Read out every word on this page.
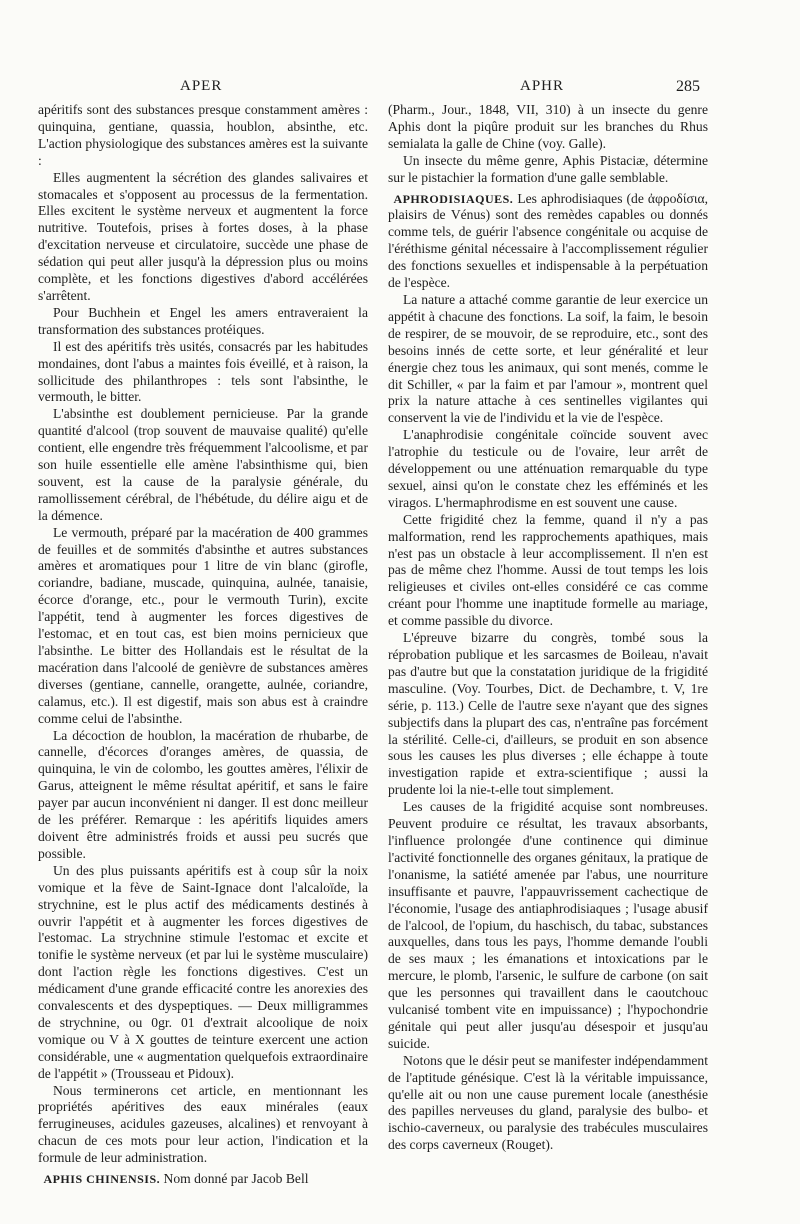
APER	APHR	285

apéritifs sont des substances presque constamment amères : quinquina, gentiane, quassia, houblon, absinthe, etc. L'action physiologique des substances amères est la suivante :

Elles augmentent la sécrétion des glandes salivaires et stomacales et s'opposent au processus de la fermentation. Elles excitent le système nerveux et augmentent la force nutritive. Toutefois, prises à fortes doses, à la phase d'excitation nerveuse et circulatoire, succède une phase de sédation qui peut aller jusqu'à la dépression plus ou moins complète, et les fonctions digestives d'abord accélérées s'arrêtent.

Pour Buchhein et Engel les amers entraveraient la transformation des substances protéiques.

Il est des apéritifs très usités, consacrés par les habitudes mondaines, dont l'abus a maintes fois éveillé, et à raison, la sollicitude des philanthropes : tels sont l'absinthe, le vermouth, le bitter.

L'absinthe est doublement pernicieuse. Par la grande quantité d'alcool (trop souvent de mauvaise qualité) qu'elle contient, elle engendre très fréquemment l'alcoolisme, et par son huile essentielle elle amène l'absinthisme qui, bien souvent, est la cause de la paralysie générale, du ramollissement cérébral, de l'hébétude, du délire aigu et de la démence.

Le vermouth, préparé par la macération de 400 grammes de feuilles et de sommités d'absinthe et autres substances amères et aromatiques pour 1 litre de vin blanc (girofle, coriandre, badiane, muscade, quinquina, aulnée, tanaisie, écorce d'orange, etc., pour le vermouth Turin), excite l'appétit, tend à augmenter les forces digestives de l'estomac, et en tout cas, est bien moins pernicieux que l'absinthe. Le bitter des Hollandais est le résultat de la macération dans l'alcoolé de genièvre de substances amères diverses (gentiane, cannelle, orangette, aulnée, coriandre, calamus, etc.). Il est digestif, mais son abus est à craindre comme celui de l'absinthe.

La décoction de houblon, la macération de rhubarbe, de cannelle, d'écorces d'oranges amères, de quassia, de quinquina, le vin de colombo, les gouttes amères, l'élixir de Garus, atteignent le même résultat apéritif, et sans le faire payer par aucun inconvénient ni danger. Il est donc meilleur de les préférer. Remarque : les apéritifs liquides amers doivent être administrés froids et aussi peu sucrés que possible.

Un des plus puissants apéritifs est à coup sûr la noix vomique et la fève de Saint-Ignace dont l'alcaloïde, la strychnine, est le plus actif des médicaments destinés à ouvrir l'appétit et à augmenter les forces digestives de l'estomac. La strychnine stimule l'estomac et excite et tonifie le système nerveux (et par lui le système musculaire) dont l'action règle les fonctions digestives. C'est un médicament d'une grande efficacité contre les anorexies des convalescents et des dyspeptiques. — Deux milligrammes de strychnine, ou 0gr. 01 d'extrait alcoolique de noix vomique ou V à X gouttes de teinture exercent une action considérable, une « augmentation quelquefois extraordinaire de l'appétit » (Trousseau et Pidoux).

Nous terminerons cet article, en mentionnant les propriétés apéritives des eaux minérales (eaux ferrugineuses, acidules gazeuses, alcalines) et renvoyant à chacun de ces mots pour leur action, l'indication et la formule de leur administration.

APHIS CHINENSIS. Nom donné par Jacob Bell

(Pharm., Jour., 1848, VII, 310) à un insecte du genre Aphis dont la piqûre produit sur les branches du Rhus semialata la galle de Chine (voy. Galle).

Un insecte du même genre, Aphis Pistaciæ, détermine sur le pistachier la formation d'une galle semblable.

APHRODISIAQUES. Les aphrodisiaques (de ἀφροδίσια, plaisirs de Vénus) sont des remèdes capables ou donnés comme tels, de guérir l'absence congénitale ou acquise de l'éréthisme génital nécessaire à l'accomplissement régulier des fonctions sexuelles et indispensable à la perpétuation de l'espèce.

La nature a attaché comme garantie de leur exercice un appétit à chacune des fonctions. La soif, la faim, le besoin de respirer, de se mouvoir, de se reproduire, etc., sont des besoins innés de cette sorte, et leur généralité et leur énergie chez tous les animaux, qui sont menés, comme le dit Schiller, « par la faim et par l'amour », montrent quel prix la nature attache à ces sentinelles vigilantes qui conservent la vie de l'individu et la vie de l'espèce.

L'anaphrodisie congénitale coïncide souvent avec l'atrophie du testicule ou de l'ovaire, leur arrêt de développement ou une atténuation remarquable du type sexuel, ainsi qu'on le constate chez les efféminés et les viragos. L'hermaphrodisme en est souvent une cause.

Cette frigidité chez la femme, quand il n'y a pas malformation, rend les rapprochements apathiques, mais n'est pas un obstacle à leur accomplissement. Il n'en est pas de même chez l'homme. Aussi de tout temps les lois religieuses et civiles ont-elles considéré ce cas comme créant pour l'homme une inaptitude formelle au mariage, et comme passible du divorce.

L'épreuve bizarre du congrès, tombé sous la réprobation publique et les sarcasmes de Boileau, n'avait pas d'autre but que la constatation juridique de la frigidité masculine. (Voy. Tourbes, Dict. de Dechambre, t. V, 1re série, p. 113.) Celle de l'autre sexe n'ayant que des signes subjectifs dans la plupart des cas, n'entraîne pas forcément la stérilité. Celle-ci, d'ailleurs, se produit en son absence sous les causes les plus diverses ; elle échappe à toute investigation rapide et extra-scientifique ; aussi la prudente loi la nie-t-elle tout simplement.

Les causes de la frigidité acquise sont nombreuses. Peuvent produire ce résultat, les travaux absorbants, l'influence prolongée d'une continence qui diminue l'activité fonctionnelle des organes génitaux, la pratique de l'onanisme, la satiété amenée par l'abus, une nourriture insuffisante et pauvre, l'appauvrissement cachectique de l'économie, l'usage des antiaphrodisiaques ; l'usage abusif de l'alcool, de l'opium, du haschisch, du tabac, substances auxquelles, dans tous les pays, l'homme demande l'oubli de ses maux ; les émanations et intoxications par le mercure, le plomb, l'arsenic, le sulfure de carbone (on sait que les personnes qui travaillent dans le caoutchouc vulcanisé tombent vite en impuissance) ; l'hypochondrie génitale qui peut aller jusqu'au désespoir et jusqu'au suicide.

Notons que le désir peut se manifester indépendamment de l'aptitude génésique. C'est là la véritable impuissance, qu'elle ait ou non une cause purement locale (anesthésie des papilles nerveuses du gland, paralysie des bulbo- et ischio-caverneux, ou paralysie des trabécules musculaires des corps caverneux (Rouget).
